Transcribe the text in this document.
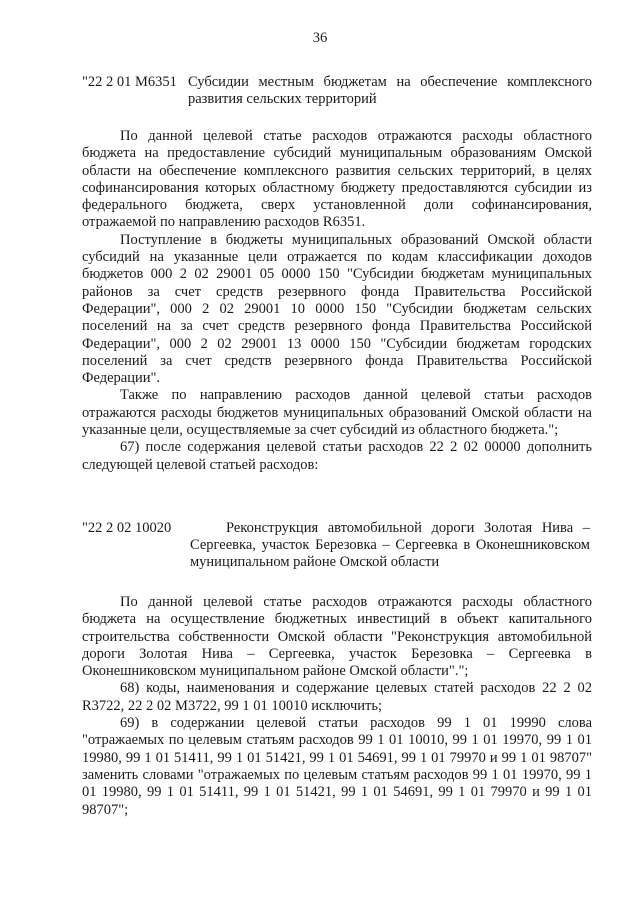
36
"22 2 01 M6351 Субсидии местным бюджетам на обеспечение комплексного развития сельских территорий

По данной целевой статье расходов отражаются расходы областного бюджета на предоставление субсидий муниципальным образованиям Омской области на обеспечение комплексного развития сельских территорий, в целях софинансирования которых областному бюджету предоставляются субсидии из федерального бюджета, сверх установленной доли софинансирования, отражаемой по направлению расходов R6351.

Поступление в бюджеты муниципальных образований Омской области субсидий на указанные цели отражается по кодам классификации доходов бюджетов 000 2 02 29001 05 0000 150 "Субсидии бюджетам муниципальных районов за счет средств резервного фонда Правительства Российской Федерации", 000 2 02 29001 10 0000 150 "Субсидии бюджетам сельских поселений на за счет средств резервного фонда Правительства Российской Федерации", 000 2 02 29001 13 0000 150 "Субсидии бюджетам городских поселений за счет средств резервного фонда Правительства Российской Федерации".

Также по направлению расходов данной целевой статьи расходов отражаются расходы бюджетов муниципальных образований Омской области на указанные цели, осуществляемые за счет субсидий из областного бюджета.";

67) после содержания целевой статьи расходов 22 2 02 00000 дополнить следующей целевой статьей расходов:

"22 2 02 10020	Реконструкция автомобильной дороги Золотая Нива – Сергеевка, участок Березовка – Сергеевка в Оконешниковском муниципальном районе Омской области

По данной целевой статье расходов отражаются расходы областного бюджета на осуществление бюджетных инвестиций в объект капитального строительства собственности Омской области "Реконструкция автомобильной дороги Золотая Нива – Сергеевка, участок Березовка – Сергеевка в Оконешниковском муниципальном районе Омской области".";

68) коды, наименования и содержание целевых статей расходов 22 2 02 R3722, 22 2 02 M3722, 99 1 01 10010 исключить;

69) в содержании целевой статьи расходов 99 1 01 19990 слова "отражаемых по целевым статьям расходов 99 1 01 10010, 99 1 01 19970, 99 1 01 19980, 99 1 01 51411, 99 1 01 51421, 99 1 01 54691, 99 1 01 79970 и 99 1 01 98707" заменить словами "отражаемых по целевым статьям расходов 99 1 01 19970, 99 1 01 19980, 99 1 01 51411, 99 1 01 51421, 99 1 01 54691, 99 1 01 79970 и 99 1 01 98707";
